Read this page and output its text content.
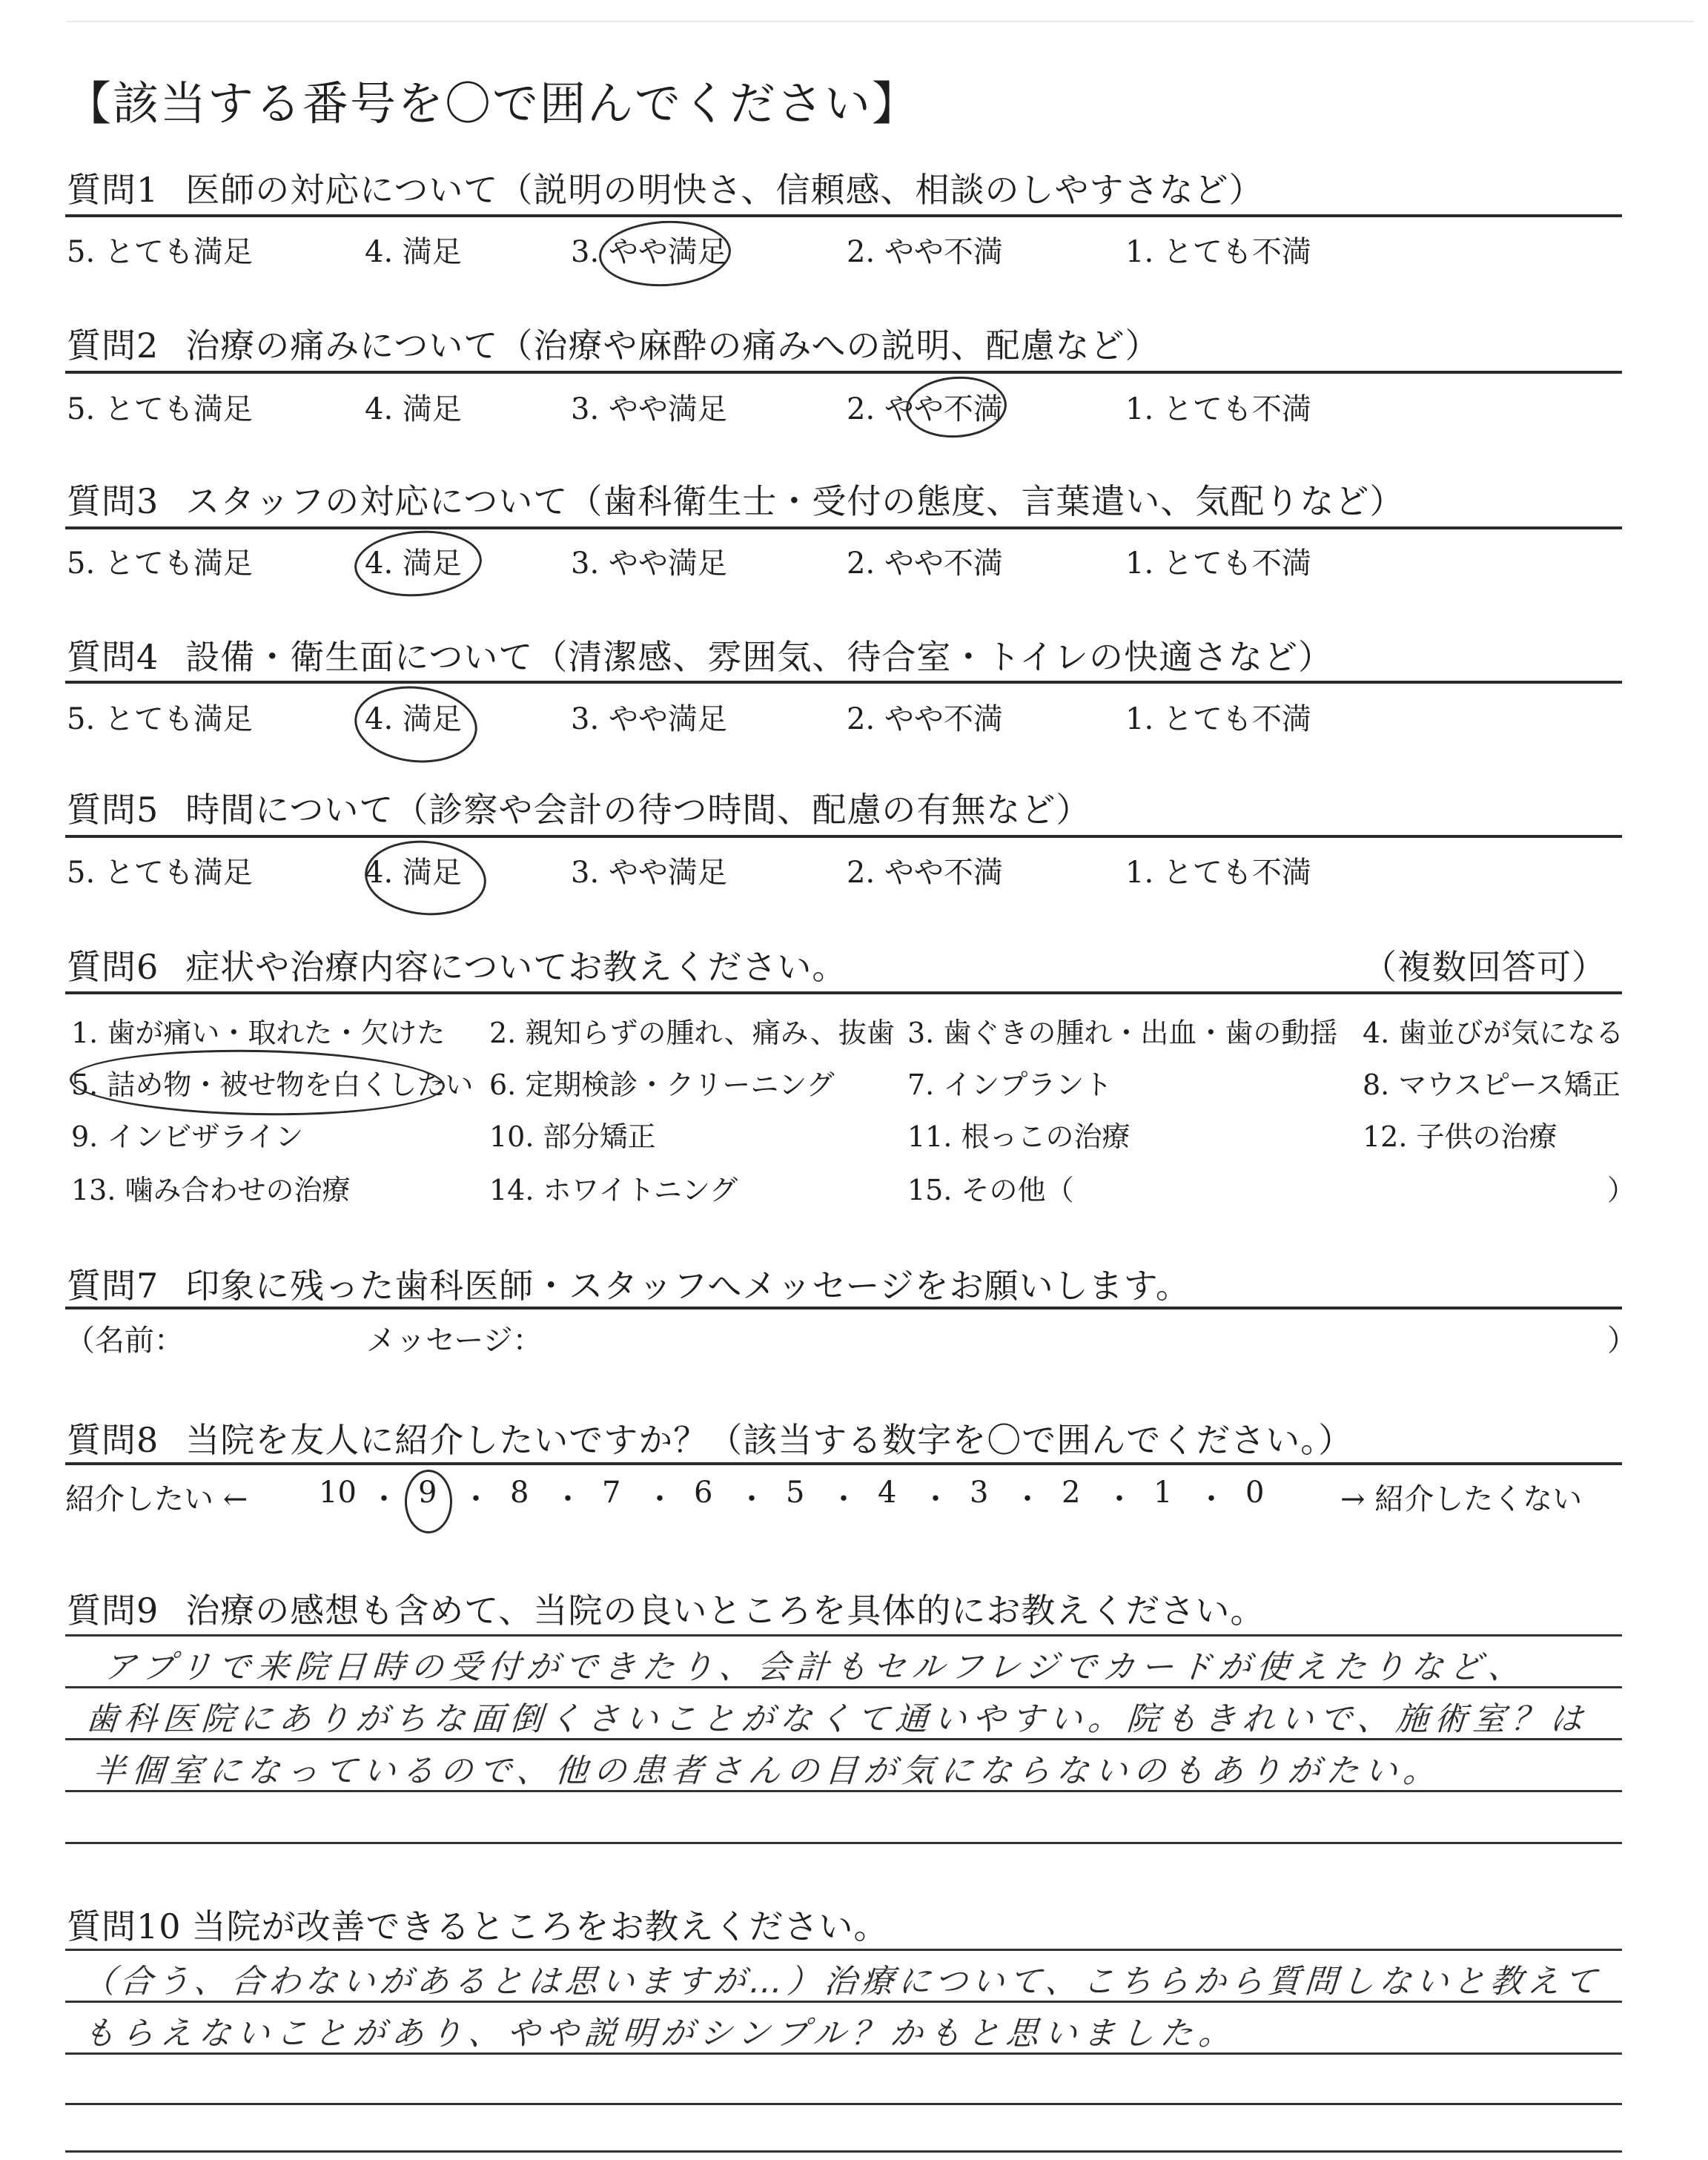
【該当する番号を〇で囲んでください】
質問1 医師の対応について（説明の明快さ、信頼感、相談のしやすさなど）
5. とても満足	4. 満足	3. やや満足	2. やや不満	1. とても不満
質問2 治療の痛みについて（治療や麻酔の痛みへの説明、配慮など）
5. とても満足	4. 満足	3. やや満足	2. やや不満	1. とても不満
質問3 スタッフの対応について（歯科衛生士・受付の態度、言葉遣い、気配りなど）
5. とても満足	4. 満足	3. やや満足	2. やや不満	1. とても不満
質問4 設備・衛生面について（清潔感、雰囲気、待合室・トイレの快適さなど）
5. とても満足	4. 満足	3. やや満足	2. やや不満	1. とても不満
質問5 時間について（診察や会計の待つ時間、配慮の有無など）
5. とても満足	4. 満足	3. やや満足	2. やや不満	1. とても不満
質問6 症状や治療内容についてお教えください。	（複数回答可）
1. 歯が痛い・取れた・欠けた 2. 親知らずの腫れ、痛み、抜歯 3. 歯ぐきの腫れ・出血・歯の動揺 4. 歯並びが気になる
5. 詰め物・被せ物を白くしたい 6. 定期検診・クリーニング	7. インプラント	8. マウスピース矯正
9. インビザライン	10. 部分矯正	11. 根っこの治療	12. 子供の治療
13. 噛み合わせの治療	14. ホワイトニング	15. その他（	）
質問7 印象に残った歯科医師・スタッフへメッセージをお願いします。
（名前：	メッセージ：	）
質問8 当院を友人に紹介したいですか？（該当する数字を〇で囲んでください。）
紹介したい ←	→ 紹介したくない
10 ・ 9 ・ 8 ・ 7 ・ 6 ・ 5 ・ 4 ・ 3 ・ 2 ・ 1 ・ 0
質問9 治療の感想も含めて、当院の良いところを具体的にお教えください。
アプリで来院日時の受付ができたり、会計もセルフレジでカードが使えたりなど、
歯科医院にありがちな面倒くさいことがなくて通いやすい。院もきれいで、施術室？は
半個室になっているので、他の患者さんの目が気にならないのもありがたい。
質問10 当院が改善できるところをお教えください。
（合う、合わないがあるとは思いますが…）治療について、こちらから質問しないと教えて
もらえないことがあり、やや説明がシンプル？かもと思いました。
